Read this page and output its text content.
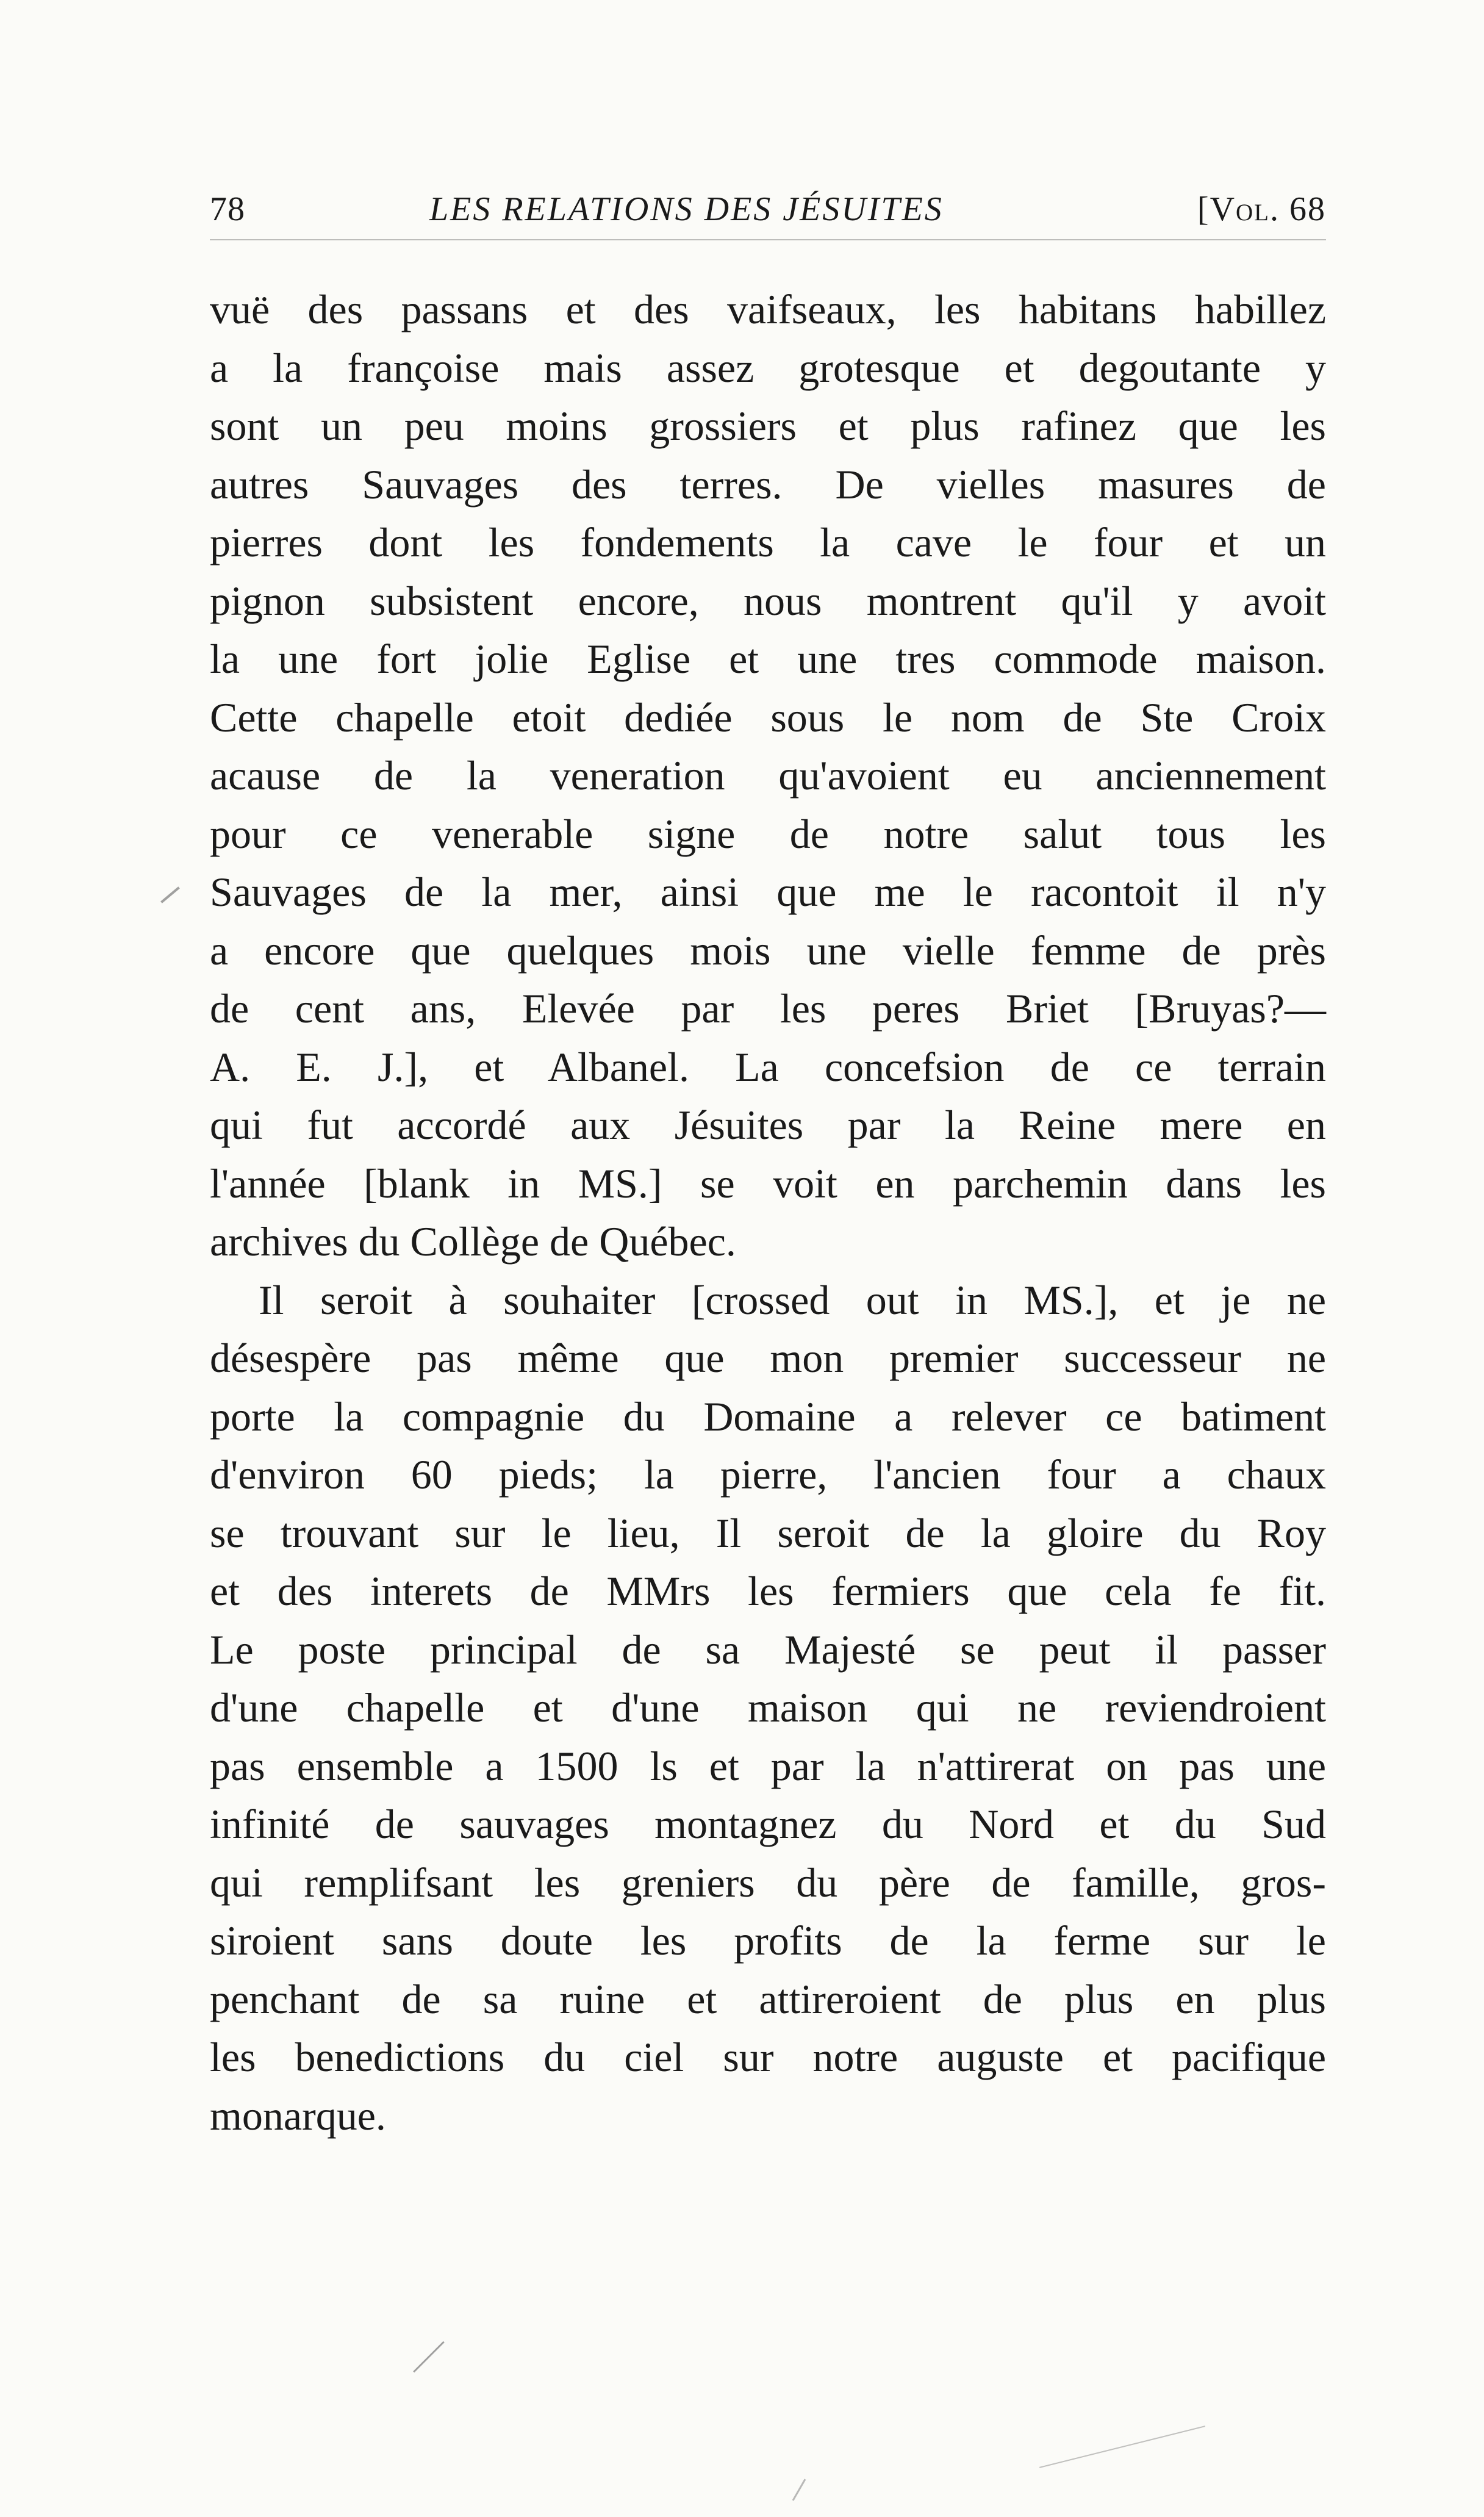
78	LES RELATIONS DES JÉSUITES	[Vol. 68
vuë des passans et des vaifseaux, les habitans habillez
a la françoise mais assez grotesque et degoutante y
sont un peu moins grossiers et plus rafinez que les
autres Sauvages des terres. De vielles masures de
pierres dont les fondements la cave le four et un
pignon subsistent encore, nous montrent qu'il y avoit
la une fort jolie Eglise et une tres commode maison.
Cette chapelle etoit dediée sous le nom de Ste Croix
acause de la veneration qu'avoient eu anciennement
pour ce venerable signe de notre salut tous les
Sauvages de la mer, ainsi que me le racontoit il n'y
a encore que quelques mois une vielle femme de près
de cent ans, Elevée par les peres Briet [Bruyas?—
A. E. J.], et Albanel. La concefsion de ce terrain
qui fut accordé aux Jésuites par la Reine mere en
l'année [blank in MS.] se voit en parchemin dans les
archives du Collège de Québec.
Il seroit à souhaiter [crossed out in MS.], et je ne
désespère pas même que mon premier successeur ne
porte la compagnie du Domaine a relever ce batiment
d'environ 60 pieds; la pierre, l'ancien four a chaux
se trouvant sur le lieu, Il seroit de la gloire du Roy
et des interets de MMrs les fermiers que cela fe fit.
Le poste principal de sa Majesté se peut il passer
d'une chapelle et d'une maison qui ne reviendroient
pas ensemble a 1500 ls et par la n'attirerat on pas une
infinité de sauvages montagnez du Nord et du Sud
qui remplifsant les greniers du père de famille, gros-
siroient sans doute les profits de la ferme sur le
penchant de sa ruine et attireroient de plus en plus
les benedictions du ciel sur notre auguste et pacifique
monarque.
